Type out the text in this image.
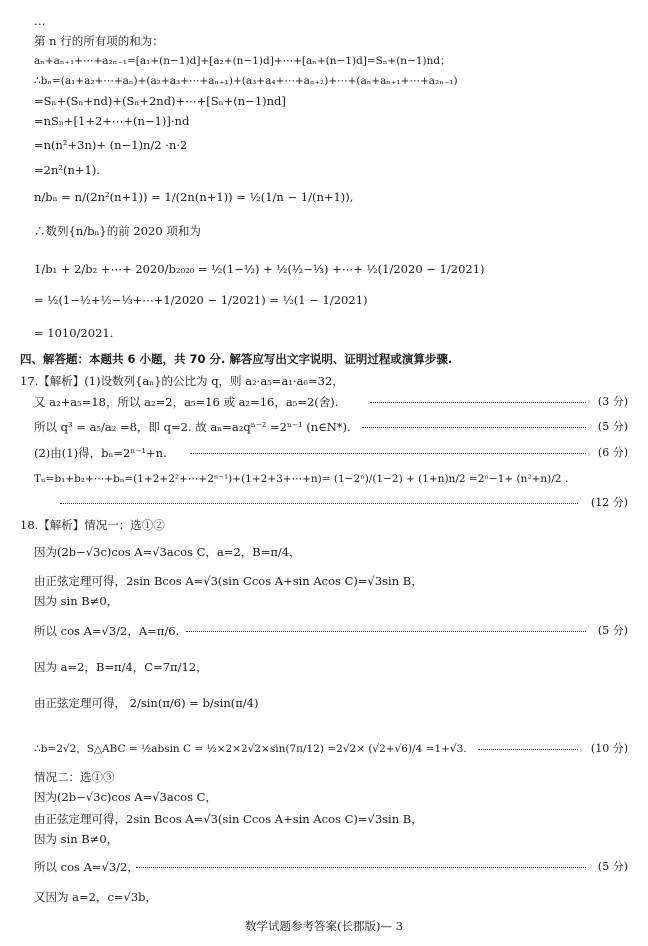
…
第 n 行的所有项的和为：
aₙ+aₙ₊₁+⋯+a₂ₙ₋₁=[a₁+(n−1)d]+[a₂+(n−1)d]+⋯+[aₙ+(n−1)d]=Sₙ+(n−1)nd；
∴bₙ=(a₁+a₂+⋯+aₙ)+(a₂+a₃+⋯+aₙ₊₁)+(a₃+a₄+⋯+aₙ₊₂)+⋯+(aₙ+aₙ₊₁+⋯+a₂ₙ₋₁)
=Sₙ+(Sₙ+nd)+(Sₙ+2nd)+⋯+[Sₙ+(n−1)nd]
=nSₙ+[1+2+⋯+(n−1)]·nd
=n(n²+3n)+ (n−1)n/2 ·n·2
=2n²(n+1).
n/bₙ = n/(2n²(n+1)) = 1/(2n(n+1)) = ½(1/n − 1/(n+1)),
∴数列{n/bₙ}的前 2020 项和为
1/b₁ + 2/b₂ +⋯+ 2020/b₂₀₂₀ = ½(1−½) + ½(½−⅓) +⋯+ ½(1/2020 − 1/2021)
= ½(1−½+½−⅓+⋯+1/2020 − 1/2021) = ½(1 − 1/2021)
= 1010/2021.
四、解答题：本题共 6 小题，共 70 分. 解答应写出文字说明、证明过程或演算步骤.
17.【解析】(1)设数列{aₙ}的公比为 q，则 a₂·a₅=a₁·a₆=32，
又 a₂+a₅=18，所以 a₂=2，a₅=16 或 a₂=16，a₅=2(舍).	(3 分)
所以 q³ = a₅/a₂ =8，即 q=2. 故 aₙ=a₂qⁿ⁻² =2ⁿ⁻¹ (n∈N*).	(5 分)
(2)由(1)得，bₙ=2ⁿ⁻¹+n.	(6 分)
Tₙ=b₁+b₂+⋯+bₙ=(1+2+2²+⋯+2ⁿ⁻¹)+(1+2+3+⋯+n)= (1−2ⁿ)/(1−2) + (1+n)n/2 =2ⁿ−1+ (n²+n)/2 .
(12 分)
18.【解析】情况一：选①②
因为(2b−√3c)cos A=√3acos C，a=2，B=π/4，
由正弦定理可得，2sin Bcos A=√3(sin Ccos A+sin Acos C)=√3sin B，
因为 sin B≠0，
所以 cos A=√3/2，A=π/6.	(5 分)
因为 a=2，B=π/4，C=7π/12，
由正弦定理可得， 2/sin(π/6) = b/sin(π/4)
∴b=2√2，S△ABC = ½absin C = ½×2×2√2×sin(7π/12) =2√2× (√2+√6)/4 =1+√3.	(10 分)
情况二：选①③
因为(2b−√3c)cos A=√3acos C，
由正弦定理可得，2sin Bcos A=√3(sin Ccos A+sin Acos C)=√3sin B，
因为 sin B≠0，
所以 cos A=√3/2，	(5 分)
又因为 a=2，c=√3b，
数学试题参考答案(长郡版)— 3
